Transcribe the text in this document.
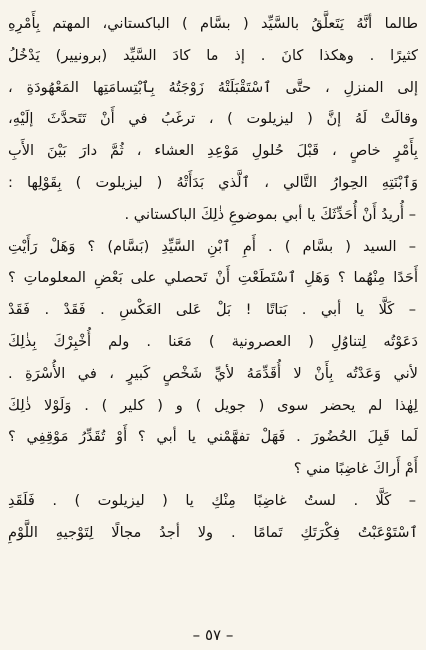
طالما أنَّهُ يَتَعلَّقُ بالسَّيِّد ( بسَّام ) الباكستاني، المهتم بِأَمْرِهِ
كثيرًا . وهكذا كانَ . إذ ما كادَ السَّيِّد (برونيير) يَدْخُلُ
إلى المنزلِ ، حتَّى ٱسْتَقْبَلَتْهُ زَوْجَتُهُ بِٱبْتِسامَتِها المَعْهُودَةِ ،
وقالَتْ لَهُ إنَّ ( ليزيلوت ) ، ترغَبُ في أَنْ تَتَحدَّثَ إلَيْهِ،
بِأَمْرٍ خاصٍ ، قَبْلَ حُلولِ مَوْعِدِ العشاء ، ثُمَّ دارَ بَيْنَ الأَبِ
وَٱبْنَتِهِ الحِوارُ التَّالي ، ٱلَّذي بَدَأَتْهُ ( ليزيلوت ) بِقَوْلِها :
– أُريدُ أَنْ أُحَدِّثَكَ يا أبي بموضوعِ ذٰلِكَ الباكستاني .
– السيد ( بسَّام ) . أَمِ ٱبْنِ السَّيِّدِ (بَسَّام) ؟ وَهَلْ رَأَيْتِ
أَحَدًا مِنْهُما ؟ وَهَلِ ٱسْتَطَعْتِ أَنْ تَحصلي على بَعْضِ المعلوماتِ ؟
– كَلَّا يا أبي . بَتاتًا ! بَلْ عَلى العَكْسِ . فَقَدْ . فَقَدْ
دَعَوْتُه لِتناوُلِ ( العصرونية ) مَعَنا . ولم أُخْبِرْكَ بِذٰلِكَ
لأني وَعَدْتُه بِأَنْ لا أُقَدِّمَهُ لأيِّ شَخْصٍ كَبيرٍ ، في الأُسْرَةِ .
لِهٰذا لم يحضر سوى ( جويل ) و ( كلير ) . وَلَوْلا ذٰلِكَ
لَما قَبِلَ الحُضُورَ . فَهَلْ تفهَّمْني يا أبي ؟ أَوْ تُقَدِّرُ مَوْقِفِي ؟
أَمْ أَراكَ غاضِبًا مني ؟
– كَلَّا . لستُ غاضِبًا مِنْكِ يا ( ليزيلوت ) . فَلَقَدِ
ٱسْتَوْعَبْتُ فِكْرَتَكِ تَمامًا . ولا أجدُ مجالًا لِتَوْجيهِ اللَّوْمِ
– ٥٧ –
